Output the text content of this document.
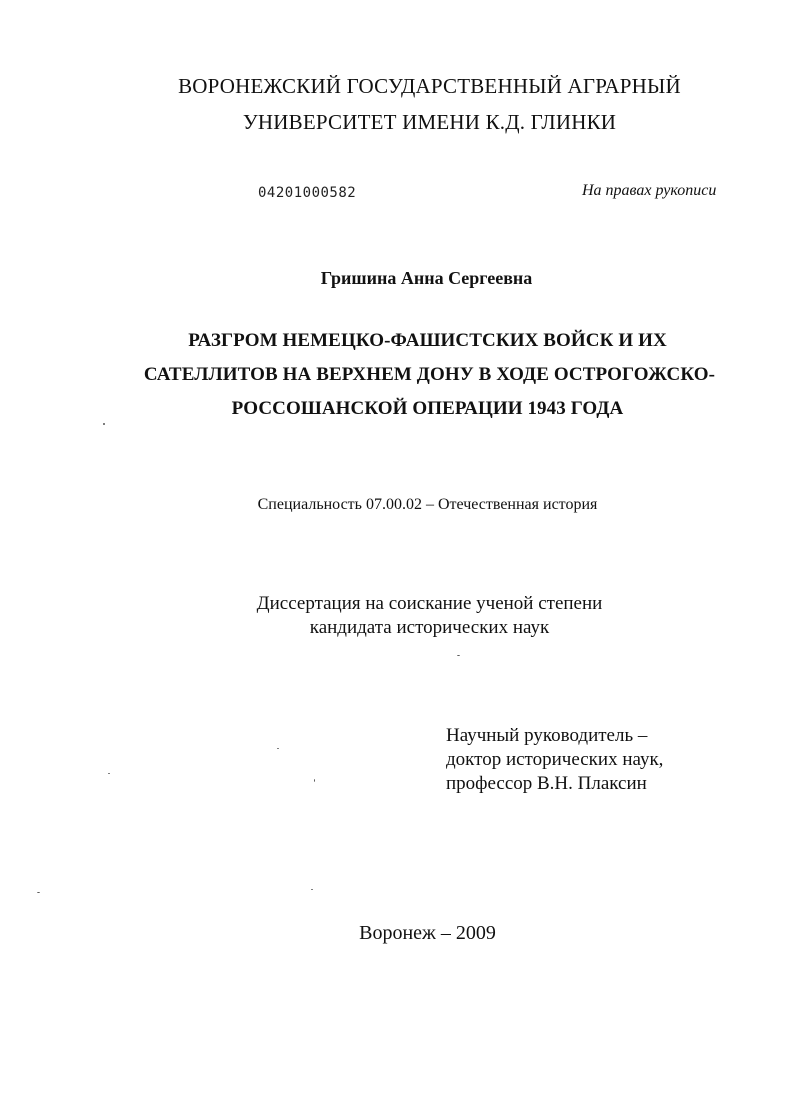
ВОРОНЕЖСКИЙ ГОСУДАРСТВЕННЫЙ АГРАРНЫЙ
УНИВЕРСИТЕТ ИМЕНИ К.Д. ГЛИНКИ
04201000582	На правах рукописи
Гришина Анна Сергеевна
РАЗГРОМ НЕМЕЦКО-ФАШИСТСКИХ ВОЙСК И ИХ
САТЕЛЛИТОВ НА ВЕРХНЕМ ДОНУ В ХОДЕ ОСТРОГОЖСКО-
РОССОШАНСКОЙ ОПЕРАЦИИ 1943 ГОДА
Специальность 07.00.02 – Отечественная история
Диссертация на соискание ученой степени
кандидата исторических наук
Научный руководитель –
доктор исторических наук,
профессор В.Н. Плаксин
Воронеж – 2009
